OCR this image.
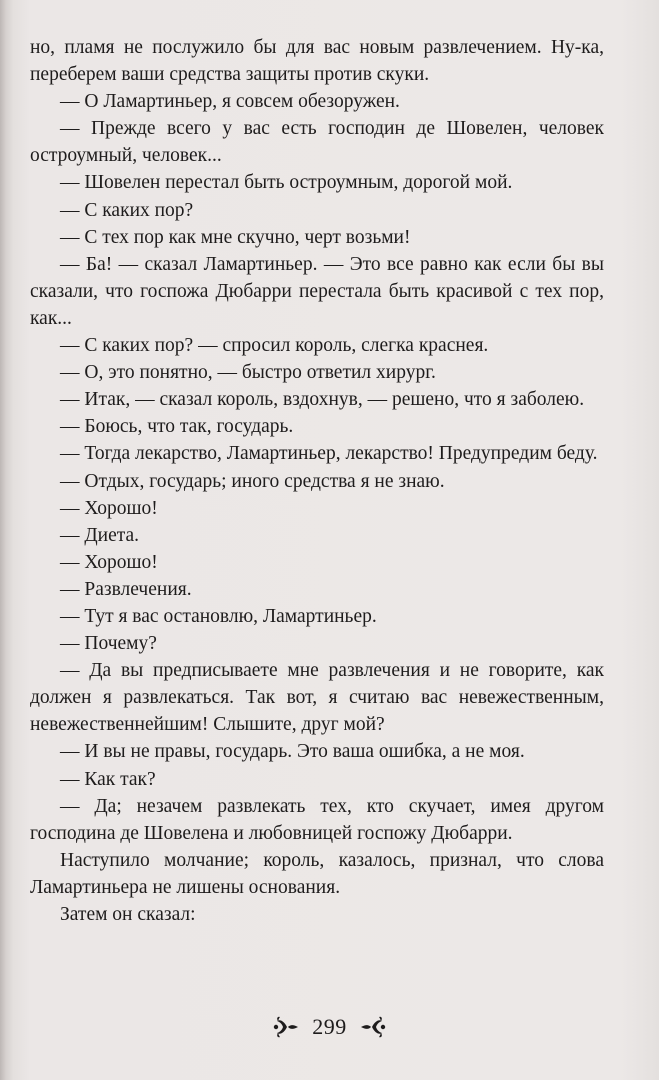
но, пламя не послужило бы для вас новым развлечением. Ну-ка, переберем ваши средства защиты против скуки.

— О Ламартиньер, я совсем обезоружен.

— Прежде всего у вас есть господин де Шовелен, человек остроумный, человек...

— Шовелен перестал быть остроумным, дорогой мой.

— С каких пор?

— С тех пор как мне скучно, черт возьми!

— Ба! — сказал Ламартиньер. — Это все равно как если бы вы сказали, что госпожа Дюбарри перестала быть красивой с тех пор, как...

— С каких пор? — спросил король, слегка краснея.

— О, это понятно, — быстро ответил хирург.

— Итак, — сказал король, вздохнув, — решено, что я заболею.

— Боюсь, что так, государь.

— Тогда лекарство, Ламартиньер, лекарство! Предупредим беду.

— Отдых, государь; иного средства я не знаю.

— Хорошо!

— Диета.

— Хорошо!

— Развлечения.

— Тут я вас остановлю, Ламартиньер.

— Почему?

— Да вы предписываете мне развлечения и не говорите, как должен я развлекаться. Так вот, я считаю вас невежественным, невежественнейшим! Слышите, друг мой?

— И вы не правы, государь. Это ваша ошибка, а не моя.

— Как так?

— Да; незачем развлекать тех, кто скучает, имея другом господина де Шовелена и любовницей госпожу Дюбарри.

Наступило молчание; король, казалось, признал, что слова Ламартиньера не лишены основания.

Затем он сказал:

299
